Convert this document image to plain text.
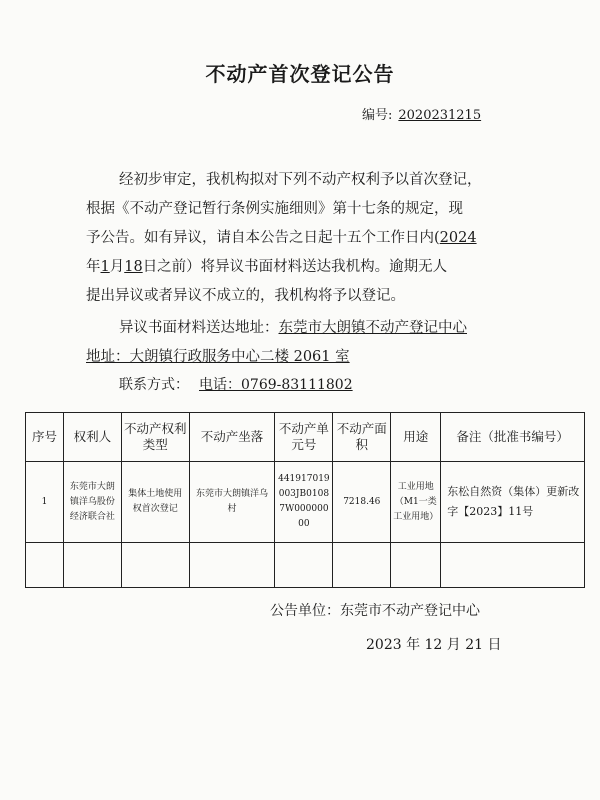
不动产首次登记公告
编号: 2020231215
经初步审定，我机构拟对下列不动产权利予以首次登记，
根据《不动产登记暂行条例实施细则》第十七条的规定，现
予公告。如有异议，请自本公告之日起十五个工作日内(2024
年1月18日之前）将异议书面材料送达我机构。逾期无人
提出异议或者异议不成立的，我机构将予以登记。
异议书面材料送达地址：东莞市大朗镇不动产登记中心
地址：大朗镇行政服务中心二楼 2061 室
联系方式： 电话：0769-83111802
序号	权利人	不动产权利类型	不动产坐落	不动产单元号	不动产面积	用途	备注（批准书编号）
1	东莞市大朗镇洋乌股份经济联合社	集体土地使用权首次登记	东莞市大朗镇洋乌村	441917019003JB01087W00000000	7218.46	工业用地（M1一类工业用地）	东松自然资（集体）更新改字【2023】11号

公告单位：东莞市不动产登记中心
2023 年 12 月 21 日
